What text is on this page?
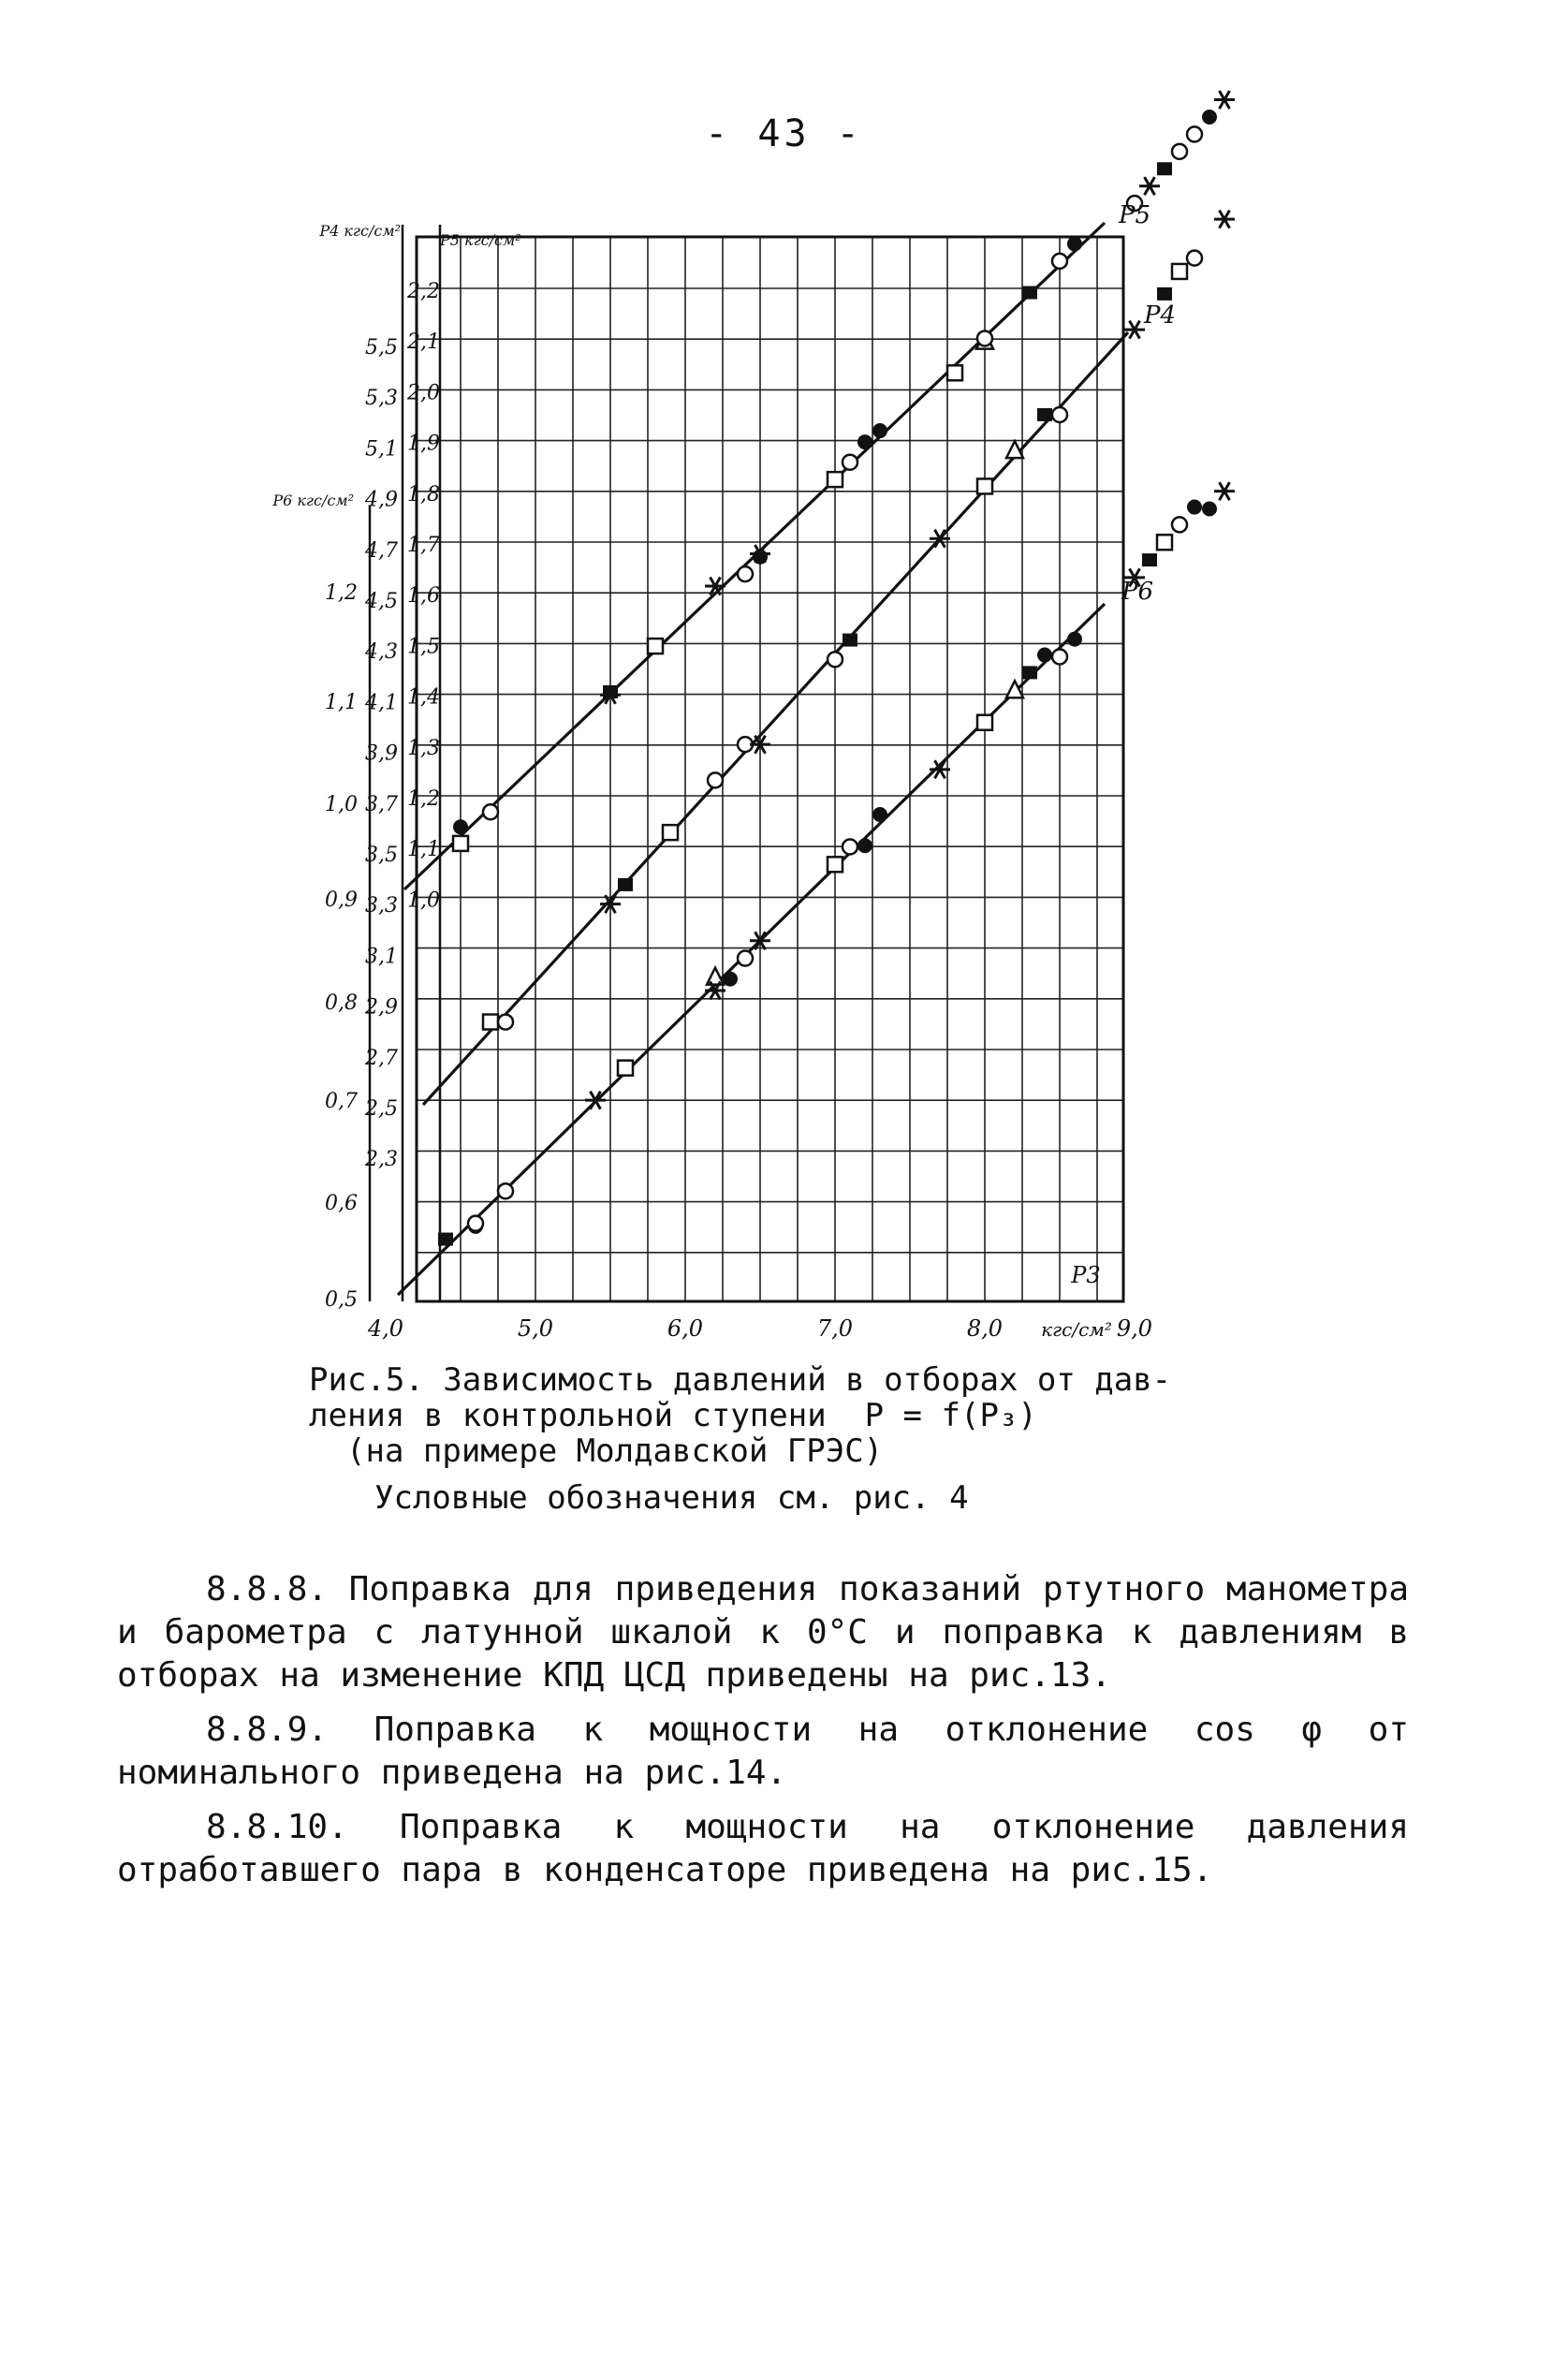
- 43 -
4,0	5,0	6,0	7,0	8,0	9,0
кгс/см²
1,2
1,1
1,0
0,9
0,8
0,7
0,6
0,5
5,5
5,3
5,1
4,9
4,7
4,5
4,3
4,1
3,9
3,7
3,5
3,3
3,1
2,9
2,7
2,5
2,3
2,2
2,1
2,0
1,9
1,8
1,7
1,6
1,5
1,4
1,3
1,2
1,1
1,0
P4 кгс/см²
P5 кгс/см²
P6 кгс/см²
P3
P5
P4
P6
Рис.5. Зависимость давлений в отборах от дав-
ления в контрольной ступени  P = f(P₃)
(на примере Молдавской ГРЭС)
Условные обозначения см. рис. 4

8.8.8. Поправка для приведения показаний ртутного манометра и барометра с латунной шкалой к 0°С и поправка к давлениям в отборах на изменение КПД ЦСД приведены на рис.13.

8.8.9. Поправка к мощности на отклонение cos φ от номинального приведена на рис.14.

8.8.10. Поправка к мощности на отклонение давления отработавшего пара в конденсаторе приведена на рис.15.
